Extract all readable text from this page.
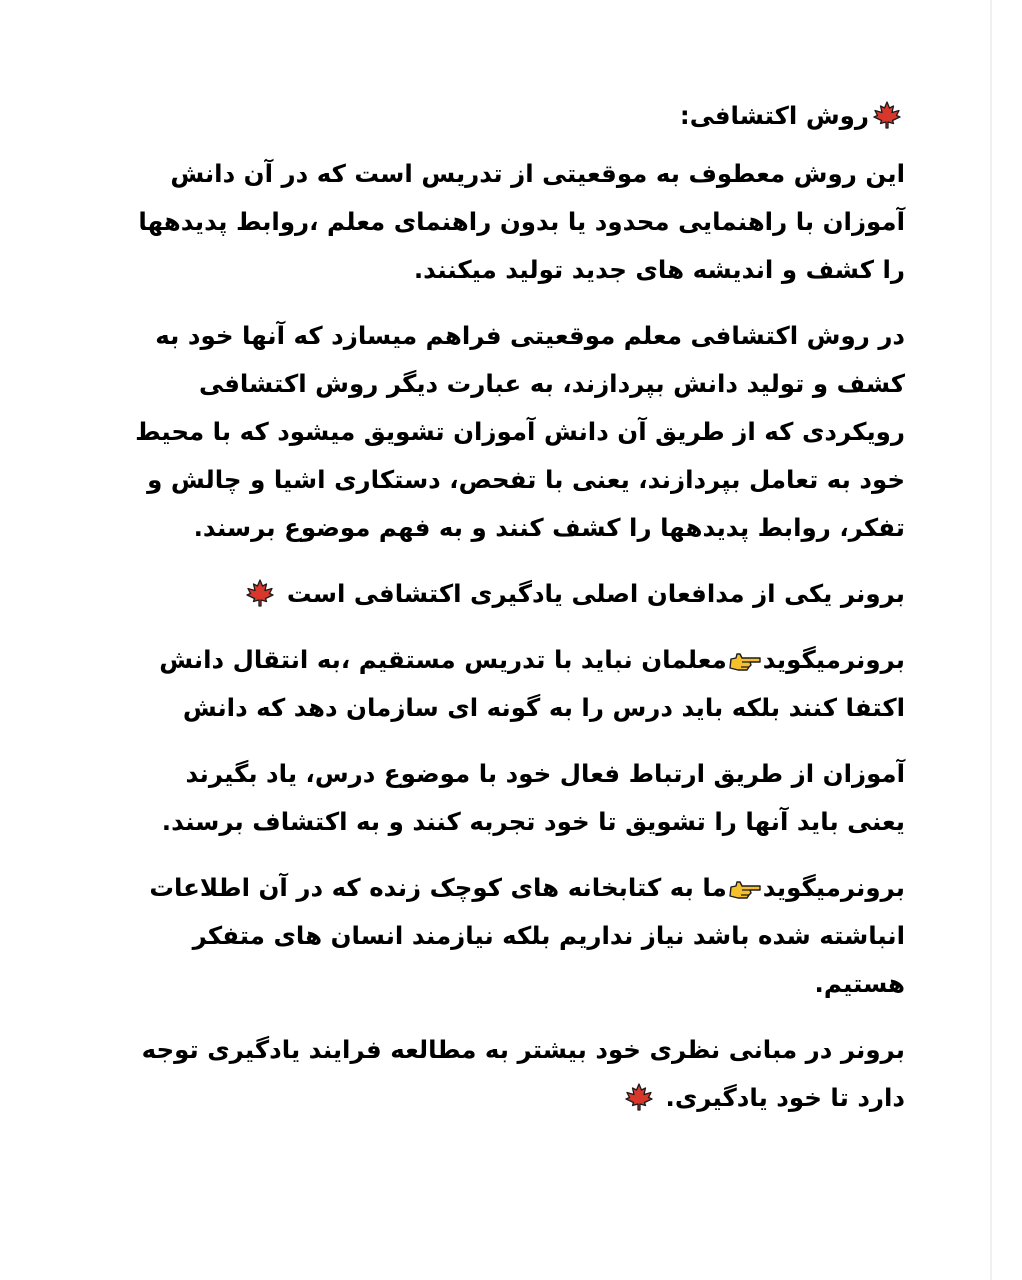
روش اکتشافی:

این روش معطوف به موقعیتی از تدریس است که در آن دانش آموزان با راهنمایی محدود یا بدون راهنمای معلم ،روابط پدیدهها را کشف و اندیشه های جدید تولید میکنند.

در روش اکتشافی معلم موقعیتی فراهم میسازد که آنها خود به کشف و تولید دانش بپردازند، به عبارت دیگر روش اکتشافی رویکردی که از طریق آن دانش آموزان تشویق میشود که با محیط خود به تعامل بپردازند، یعنی با تفحص، دستکاری اشیا و چالش و تفکر، روابط پدیدهها را کشف کنند و به فهم موضوع برسند.

برونر یکی از مدافعان اصلی یادگیری اکتشافی است

برونرمیگویدمعلمان نباید با تدریس مستقیم ،به انتقال دانش اکتفا کنند بلکه باید درس را به گونه ای سازمان دهد که دانش

آموزان از طریق ارتباط فعال خود با موضوع درس، یاد بگیرند یعنی باید آنها را تشویق تا خود تجربه کنند و به اکتشاف برسند.

برونرمیگویدما به کتابخانه های کوچک زنده که در آن اطلاعات انباشته شده باشد نیاز نداریم بلکه نیازمند انسان های متفکر هستیم.

برونر در مبانی نظری خود بیشتر به مطالعه فرایند یادگیری توجه دارد تا خود یادگیری.
